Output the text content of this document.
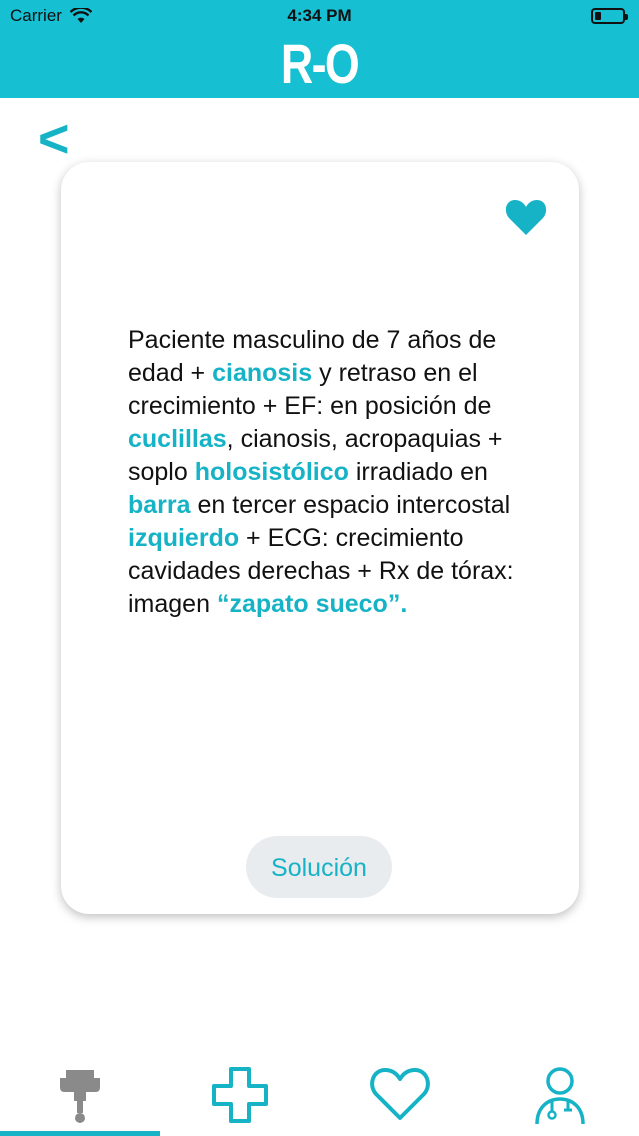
Carrier	4:34 PM
R-O
<
Paciente masculino de 7 años de edad + cianosis y retraso en el crecimiento + EF: en posición de cuclillas, cianosis, acropaquias + soplo holosistólico irradiado en barra en tercer espacio intercostal izquierdo + ECG: crecimiento cavidades derechas + Rx de tórax: imagen “zapato sueco”.
Solución
